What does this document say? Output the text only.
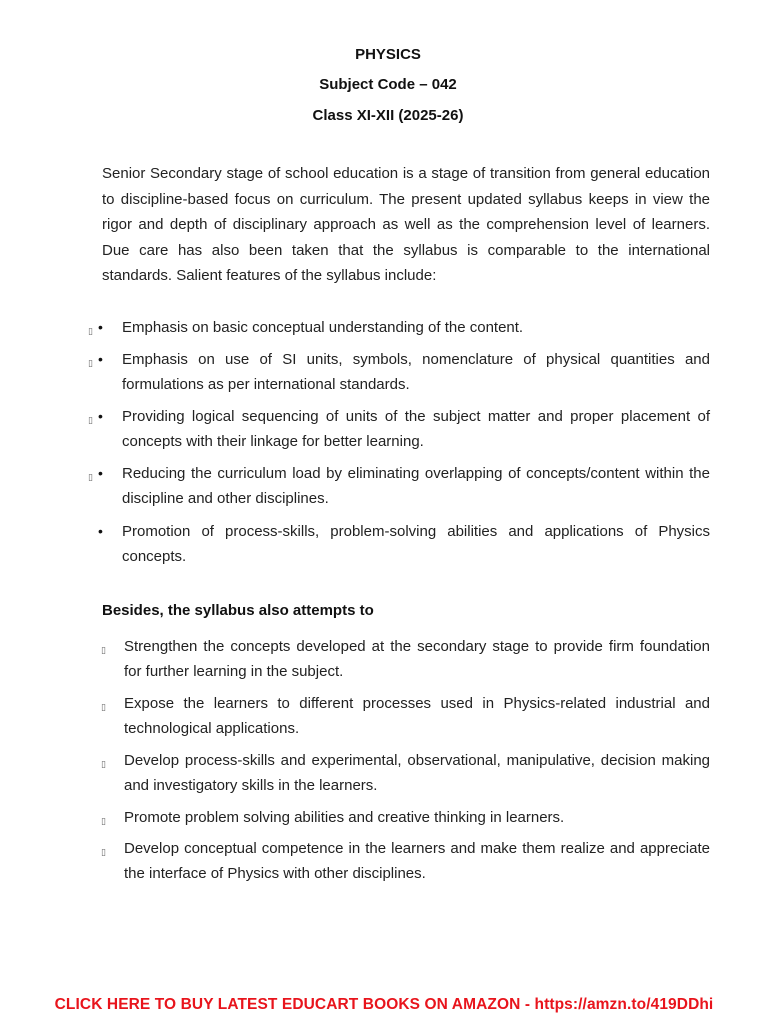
PHYSICS
Subject Code – 042
Class XI-XII (2025-26)

Senior Secondary stage of school education is a stage of transition from general education to discipline-based focus on curriculum. The present updated syllabus keeps in view the rigor and depth of disciplinary approach as well as the comprehension level of learners. Due care has also been taken that the syllabus is comparable to the international standards. Salient features of the syllabus include:

▯ • Emphasis on basic conceptual understanding of the content.
▯ • Emphasis on use of SI units, symbols, nomenclature of physical quantities and formulations as per international standards.
▯ • Providing logical sequencing of units of the subject matter and proper placement of concepts with their linkage for better learning.
▯ • Reducing the curriculum load by eliminating overlapping of concepts/content within the discipline and other disciplines.
• Promotion of process-skills, problem-solving abilities and applications of Physics concepts.
Besides, the syllabus also attempts to
▯ Strengthen the concepts developed at the secondary stage to provide firm foundation for further learning in the subject.
▯ Expose the learners to different processes used in Physics-related industrial and technological applications.
▯ Develop process-skills and experimental, observational, manipulative, decision making and investigatory skills in the learners.
▯ Promote problem solving abilities and creative thinking in learners.
▯ Develop conceptual competence in the learners and make them realize and appreciate the interface of Physics with other disciplines.
CLICK HERE TO BUY LATEST EDUCART BOOKS ON AMAZON - https://amzn.to/419DDhi
